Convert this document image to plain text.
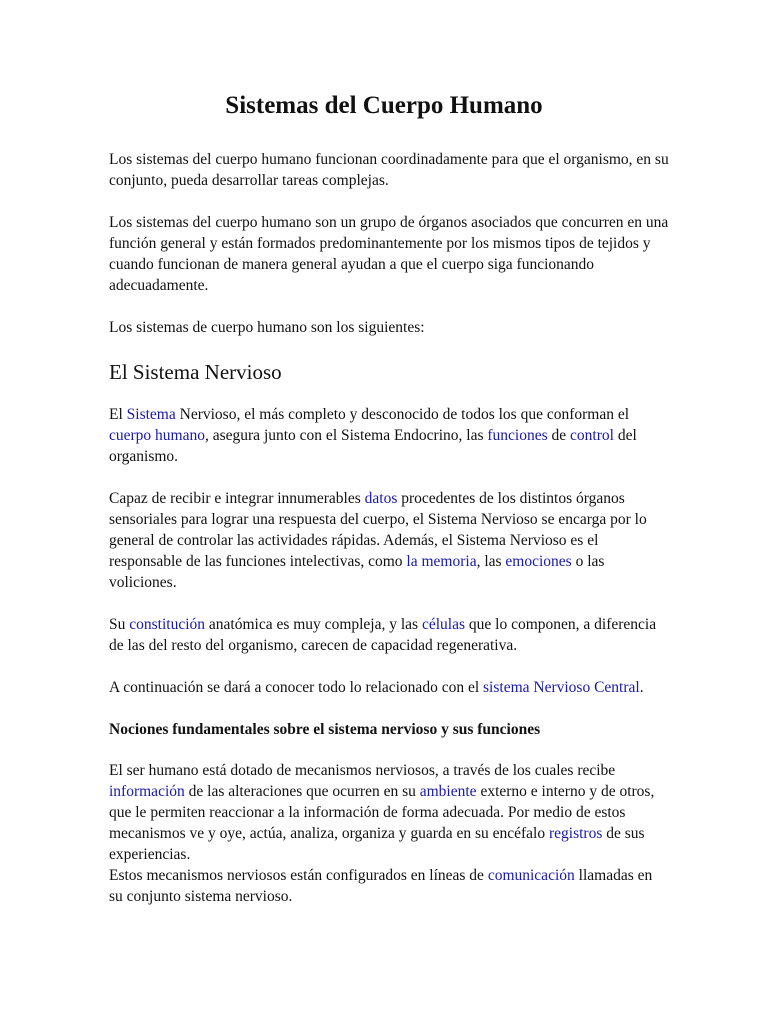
Sistemas del Cuerpo Humano

Los sistemas del cuerpo humano funcionan coordinadamente para que el organismo, en su conjunto, pueda desarrollar tareas complejas.

Los sistemas del cuerpo humano son un grupo de órganos asociados que concurren en una función general y están formados predominantemente por los mismos tipos de tejidos y cuando funcionan de manera general ayudan a que el cuerpo siga funcionando adecuadamente.

Los sistemas de cuerpo humano son los siguientes:

El Sistema Nervioso

El Sistema Nervioso, el más completo y desconocido de todos los que conforman el cuerpo humano, asegura junto con el Sistema Endocrino, las funciones de control del organismo.

Capaz de recibir e integrar innumerables datos procedentes de los distintos órganos sensoriales para lograr una respuesta del cuerpo, el Sistema Nervioso se encarga por lo general de controlar las actividades rápidas. Además, el Sistema Nervioso es el responsable de las funciones intelectivas, como la memoria, las emociones o las voliciones.

Su constitución anatómica es muy compleja, y las células que lo componen, a diferencia de las del resto del organismo, carecen de capacidad regenerativa.

A continuación se dará a conocer todo lo relacionado con el sistema Nervioso Central.

Nociones fundamentales sobre el sistema nervioso y sus funciones

El ser humano está dotado de mecanismos nerviosos, a través de los cuales recibe información de las alteraciones que ocurren en su ambiente externo e interno y de otros, que le permiten reaccionar a la información de forma adecuada. Por medio de estos mecanismos ve y oye, actúa, analiza, organiza y guarda en su encéfalo registros de sus experiencias.
Estos mecanismos nerviosos están configurados en líneas de comunicación llamadas en su conjunto sistema nervioso.
